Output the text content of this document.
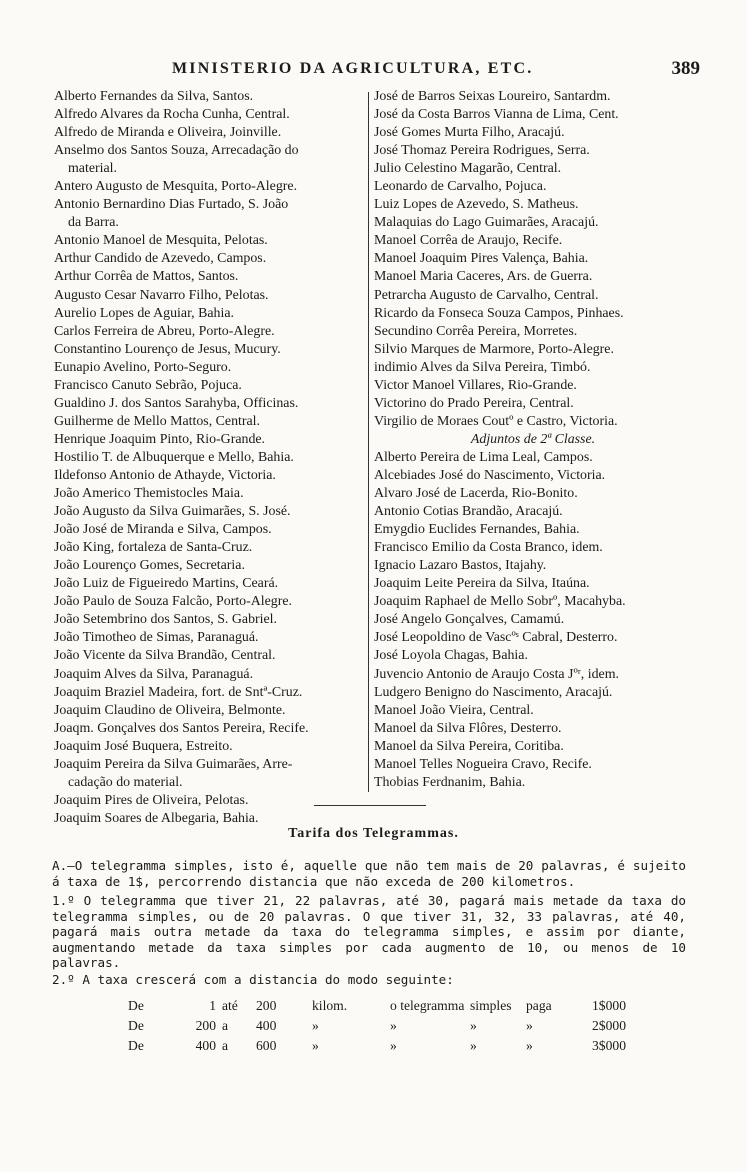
MINISTERIO DA AGRICULTURA, ETC.	389
Alberto Fernandes da Silva, Santos.
Alfredo Alvares da Rocha Cunha, Central.
Alfredo de Miranda e Oliveira, Joinville.
Anselmo dos Santos Souza, Arrecadação do
material.
Antero Augusto de Mesquita, Porto-Alegre.
Antonio Bernardino Dias Furtado, S. João
da Barra.
Antonio Manoel de Mesquita, Pelotas.
Arthur Candido de Azevedo, Campos.
Arthur Corrêa de Mattos, Santos.
Augusto Cesar Navarro Filho, Pelotas.
Aurelio Lopes de Aguiar, Bahia.
Carlos Ferreira de Abreu, Porto-Alegre.
Constantino Lourenço de Jesus, Mucury.
Eunapio Avelino, Porto-Seguro.
Francisco Canuto Sebrão, Pojuca.
Gualdino J. dos Santos Sarahyba, Officinas.
Guilherme de Mello Mattos, Central.
Henrique Joaquim Pinto, Rio-Grande.
Hostilio T. de Albuquerque e Mello, Bahia.
Ildefonso Antonio de Athayde, Victoria.
João Americo Themistocles Maia.
João Augusto da Silva Guimarães, S. José.
João José de Miranda e Silva, Campos.
João King, fortaleza de Santa-Cruz.
João Lourenço Gomes, Secretaria.
João Luiz de Figueiredo Martins, Ceará.
João Paulo de Souza Falcão, Porto-Alegre.
João Setembrino dos Santos, S. Gabriel.
João Timotheo de Simas, Paranaguá.
João Vicente da Silva Brandão, Central.
Joaquim Alves da Silva, Paranaguá.
Joaquim Braziel Madeira, fort. de Sntª-Cruz.
Joaquim Claudino de Oliveira, Belmonte.
Joaqm. Gonçalves dos Santos Pereira, Recife.
Joaquim José Buquera, Estreito.
Joaquim Pereira da Silva Guimarães, Arre-
cadação do material.
Joaquim Pires de Oliveira, Pelotas.
Joaquim Soares de Albegaria, Bahia.
José de Barros Seixas Loureiro, Santardm.
José da Costa Barros Vianna de Lima, Cent.
José Gomes Murta Filho, Aracajú.
José Thomaz Pereira Rodrigues, Serra.
Julio Celestino Magarão, Central.
Leonardo de Carvalho, Pojuca.
Luiz Lopes de Azevedo, S. Matheus.
Malaquias do Lago Guimarães, Aracajú.
Manoel Corrêa de Araujo, Recife.
Manoel Joaquim Pires Valença, Bahia.
Manoel Maria Caceres, Ars. de Guerra.
Petrarcha Augusto de Carvalho, Central.
Ricardo da Fonseca Souza Campos, Pinhaes.
Secundino Corrêa Pereira, Morretes.
Silvio Marques de Marmore, Porto-Alegre.
indimio Alves da Silva Pereira, Timbó.
Victor Manoel Villares, Rio-Grande.
Victorino do Prado Pereira, Central.
Virgilio de Moraes Coutº e Castro, Victoria.
Adjuntos de 2ª Classe.
Alberto Pereira de Lima Leal, Campos.
Alcebiades José do Nascimento, Victoria.
Alvaro José de Lacerda, Rio-Bonito.
Antonio Cotias Brandão, Aracajú.
Emygdio Euclides Fernandes, Bahia.
Francisco Emilio da Costa Branco, idem.
Ignacio Lazaro Bastos, Itajahy.
Joaquim Leite Pereira da Silva, Itaúna.
Joaquim Raphael de Mello Sobrº, Macahyba.
José Angelo Gonçalves, Camamú.
José Leopoldino de Vascºˢ Cabral, Desterro.
José Loyola Chagas, Bahia.
Juvencio Antonio de Araujo Costa Jºʳ, idem.
Ludgero Benigno do Nascimento, Aracajú.
Manoel João Vieira, Central.
Manoel da Silva Flôres, Desterro.
Manoel da Silva Pereira, Coritiba.
Manoel Telles Nogueira Cravo, Recife.
Thobias Ferdnanim, Bahia.
Tarifa dos Telegrammas.
A.—O telegramma simples, isto é, aquelle que não tem mais de 20 palavras, é sujeito á taxa de 1$, percorrendo distancia que não exceda de 200 kilometros.
1.º O telegramma que tiver 21, 22 palavras, até 30, pagará mais metade da taxa do telegramma simples, ou de 20 palavras. O que tiver 31, 32, 33 palavras, até 40, pagará mais outra metade da taxa do telegramma simples, e assim por diante, augmentando metade da taxa simples por cada augmento de 10, ou menos de 10 palavras.
2.º A taxa crescerá com a distancia do modo seguinte:
De	1	até	200	kilom.	o telegramma	simples	paga	1$000
De	200	a	400	»	»	»	»	2$000
De	400	a	600	»	»	»	»	3$000
